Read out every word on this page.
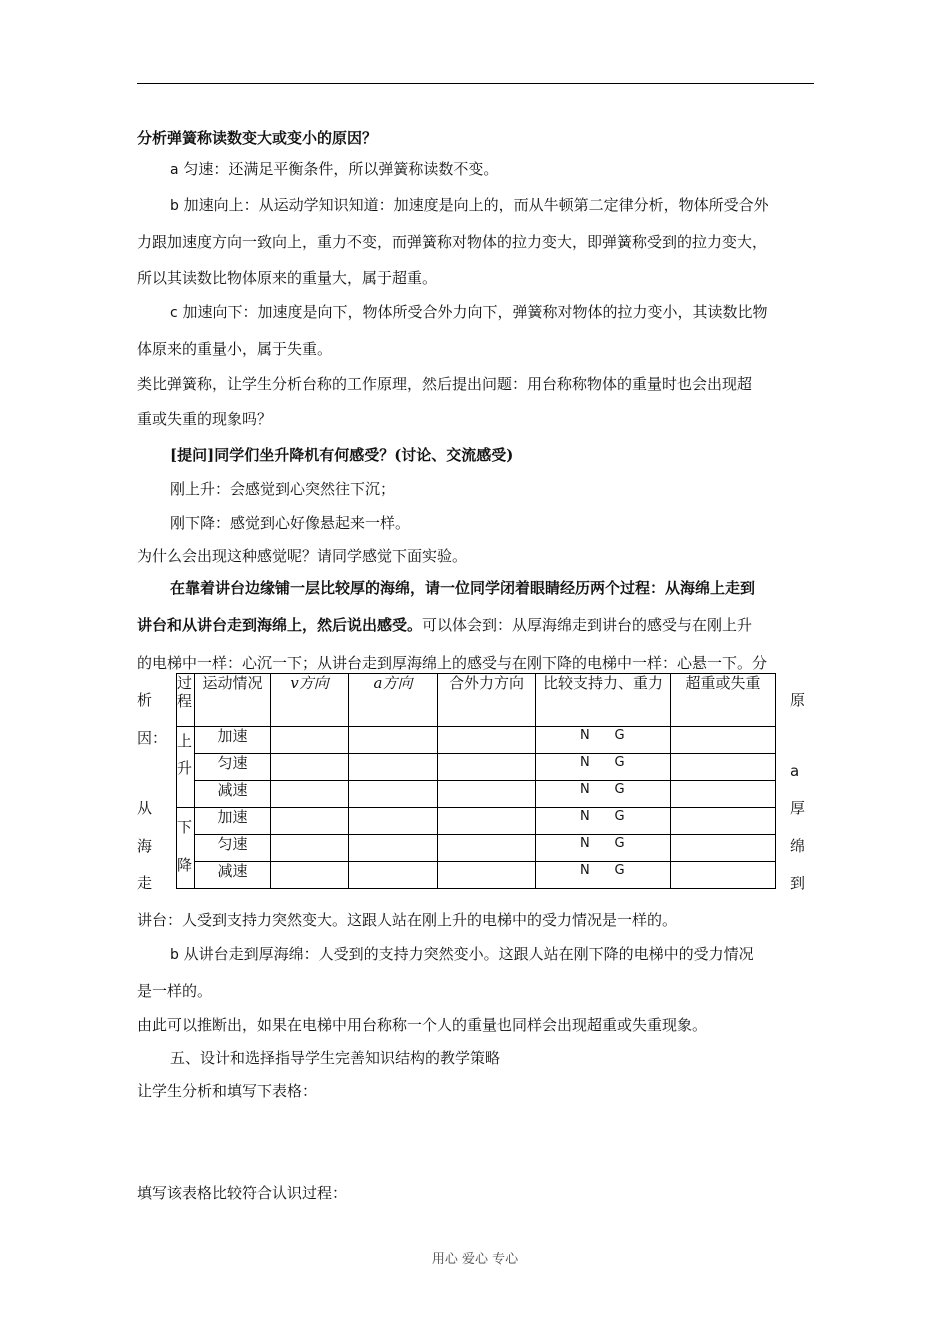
分析弹簧称读数变大或变小的原因？
a 匀速：还满足平衡条件，所以弹簧称读数不变。
b 加速向上：从运动学知识知道：加速度是向上的，而从牛顿第二定律分析，物体所受合外
力跟加速度方向一致向上，重力不变，而弹簧称对物体的拉力变大，即弹簧称受到的拉力变大，
所以其读数比物体原来的重量大，属于超重。
c 加速向下：加速度是向下，物体所受合外力向下，弹簧称对物体的拉力变小，其读数比物
体原来的重量小，属于失重。
类比弹簧称，让学生分析台称的工作原理，然后提出问题：用台称称物体的重量时也会出现超
重或失重的现象吗？
[提问]同学们坐升降机有何感受？(讨论、交流感受)
刚上升：会感觉到心突然往下沉；
刚下降：感觉到心好像悬起来一样。
为什么会出现这种感觉呢？请同学感觉下面实验。
在靠着讲台边缘铺一层比较厚的海绵，请一位同学闭着眼睛经历两个过程：从海绵上走到
讲台和从讲台走到海绵上，然后说出感受。可以体会到：从厚海绵走到讲台的感受与在刚上升
的电梯中一样：心沉一下；从讲台走到厚海绵上的感受与在刚下降的电梯中一样：心悬一下。分
析
因：
从
海
走
原
a
厚
绵
到
过程	运动情况	v方向	a方向	合外力方向	比较支持力、重力	超重或失重
上升	加速				N G	
	匀速				N G	
	减速				N G	
下降	加速				N G	
	匀速				N G	
	减速				N G	
讲台：人受到支持力突然变大。这跟人站在刚上升的电梯中的受力情况是一样的。
b 从讲台走到厚海绵：人受到的支持力突然变小。这跟人站在刚下降的电梯中的受力情况
是一样的。
由此可以推断出，如果在电梯中用台称称一个人的重量也同样会出现超重或失重现象。
五、设计和选择指导学生完善知识结构的教学策略
让学生分析和填写下表格：
填写该表格比较符合认识过程：
用心 爱心 专心
